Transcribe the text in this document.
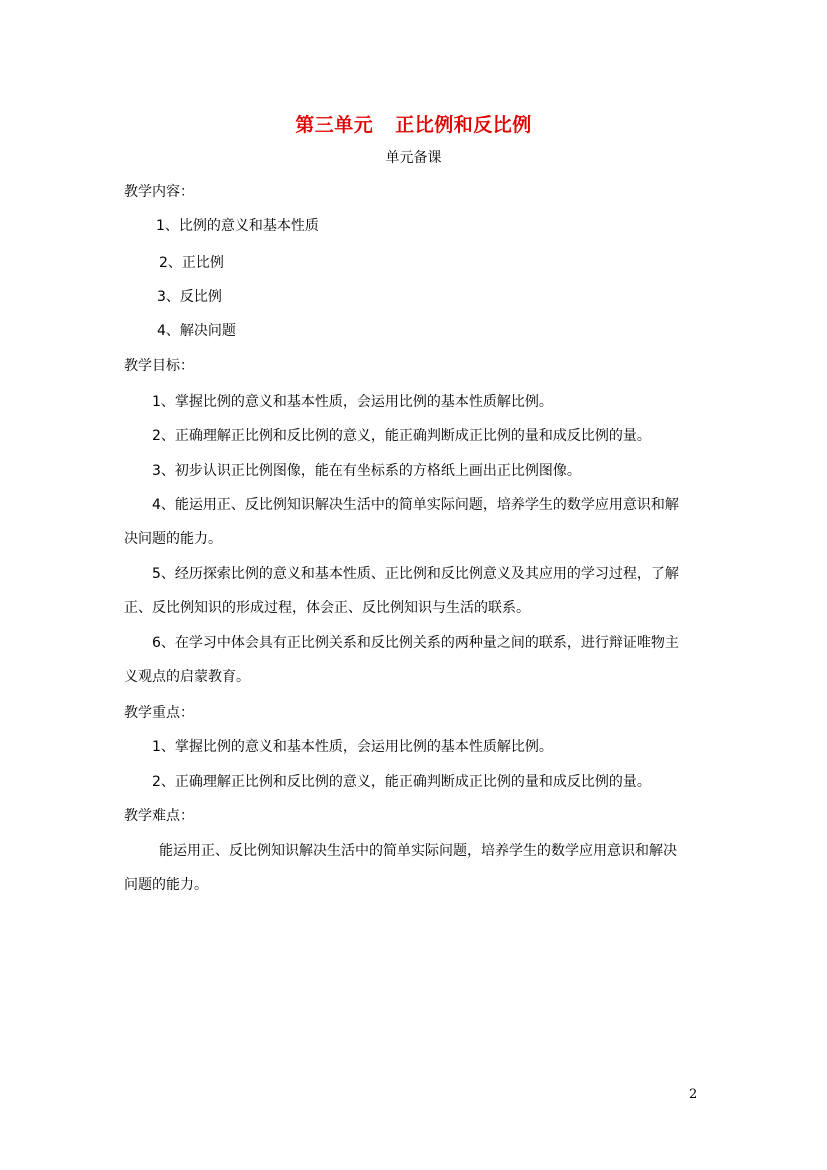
第三单元 正比例和反比例
单元备课
教学内容：
1、比例的意义和基本性质
2、正比例
3、反比例
4、解决问题
教学目标：
1、掌握比例的意义和基本性质，会运用比例的基本性质解比例。
2、正确理解正比例和反比例的意义，能正确判断成正比例的量和成反比例的量。
3、初步认识正比例图像，能在有坐标系的方格纸上画出正比例图像。
4、能运用正、反比例知识解决生活中的简单实际问题，培养学生的数学应用意识和解
决问题的能力。
5、经历探索比例的意义和基本性质、正比例和反比例意义及其应用的学习过程，了解
正、反比例知识的形成过程，体会正、反比例知识与生活的联系。
6、在学习中体会具有正比例关系和反比例关系的两种量之间的联系，进行辩证唯物主
义观点的启蒙教育。
教学重点：
1、掌握比例的意义和基本性质，会运用比例的基本性质解比例。
2、正确理解正比例和反比例的意义，能正确判断成正比例的量和成反比例的量。
教学难点：
能运用正、反比例知识解决生活中的简单实际问题，培养学生的数学应用意识和解决
问题的能力。
2
